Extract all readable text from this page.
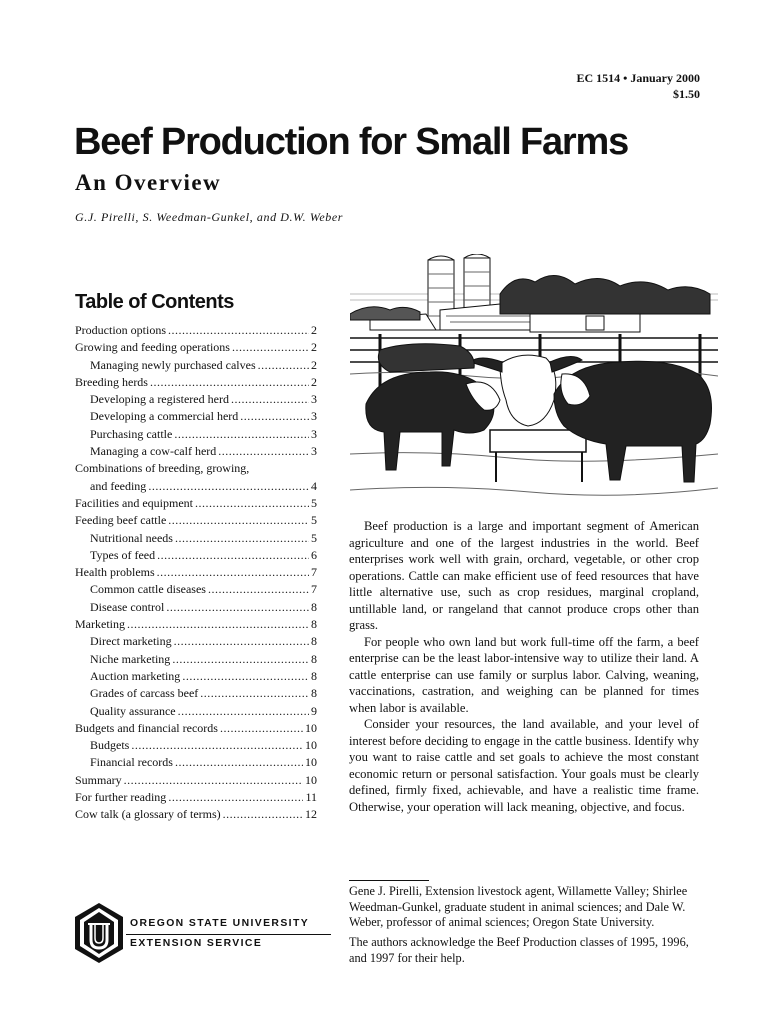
EC 1514 • January 2000
$1.50
Beef Production for Small Farms
An Overview
G.J. Pirelli, S. Weedman-Gunkel, and D.W. Weber
Table of Contents
Production options .....	2
Growing and feeding operations .....	2
Managing newly purchased calves .....	2
Breeding herds .....	2
Developing a registered herd .....	3
Developing a commercial herd .....	3
Purchasing cattle .....	3
Managing a cow-calf herd .....	3
Combinations of breeding, growing,
and feeding .....	4
Facilities and equipment .....	5
Feeding beef cattle .....	5
Nutritional needs .....	5
Types of feed .....	6
Health problems .....	7
Common cattle diseases .....	7
Disease control .....	8
Marketing .....	8
Direct marketing .....	8
Niche marketing .....	8
Auction marketing .....	8
Grades of carcass beef .....	8
Quality assurance .....	9
Budgets and financial records .....	10
Budgets .....	10
Financial records .....	10
Summary .....	10
For further reading .....	11
Cow talk (a glossary of terms) .....	12

Beef production is a large and important segment of American agriculture and one of the largest industries in the world. Beef enterprises work well with grain, orchard, vegetable, or other crop operations. Cattle can make efficient use of feed resources that have little alternative use, such as crop residues, marginal cropland, untillable land, or rangeland that cannot produce crops other than grass.

For people who own land but work full-time off the farm, a beef enterprise can be the least labor-intensive way to utilize their land. A cattle enterprise can use family or surplus labor. Calving, weaning, vaccinations, castration, and weighing can be planned for times when labor is available.

Consider your resources, the land available, and your level of interest before deciding to engage in the cattle business. Identify why you want to raise cattle and set goals to achieve the most constant economic return or personal satisfaction. Your goals must be clearly defined, firmly fixed, achievable, and have a realistic time frame. Otherwise, your operation will lack meaning, objective, and focus.

Gene J. Pirelli, Extension livestock agent, Willamette Valley; Shirlee Weedman-Gunkel, graduate student in animal sciences; and Dale W. Weber, professor of animal sciences; Oregon State University.

The authors acknowledge the Beef Production classes of 1995, 1996, and 1997 for their help.
OREGON STATE UNIVERSITY
EXTENSION SERVICE
